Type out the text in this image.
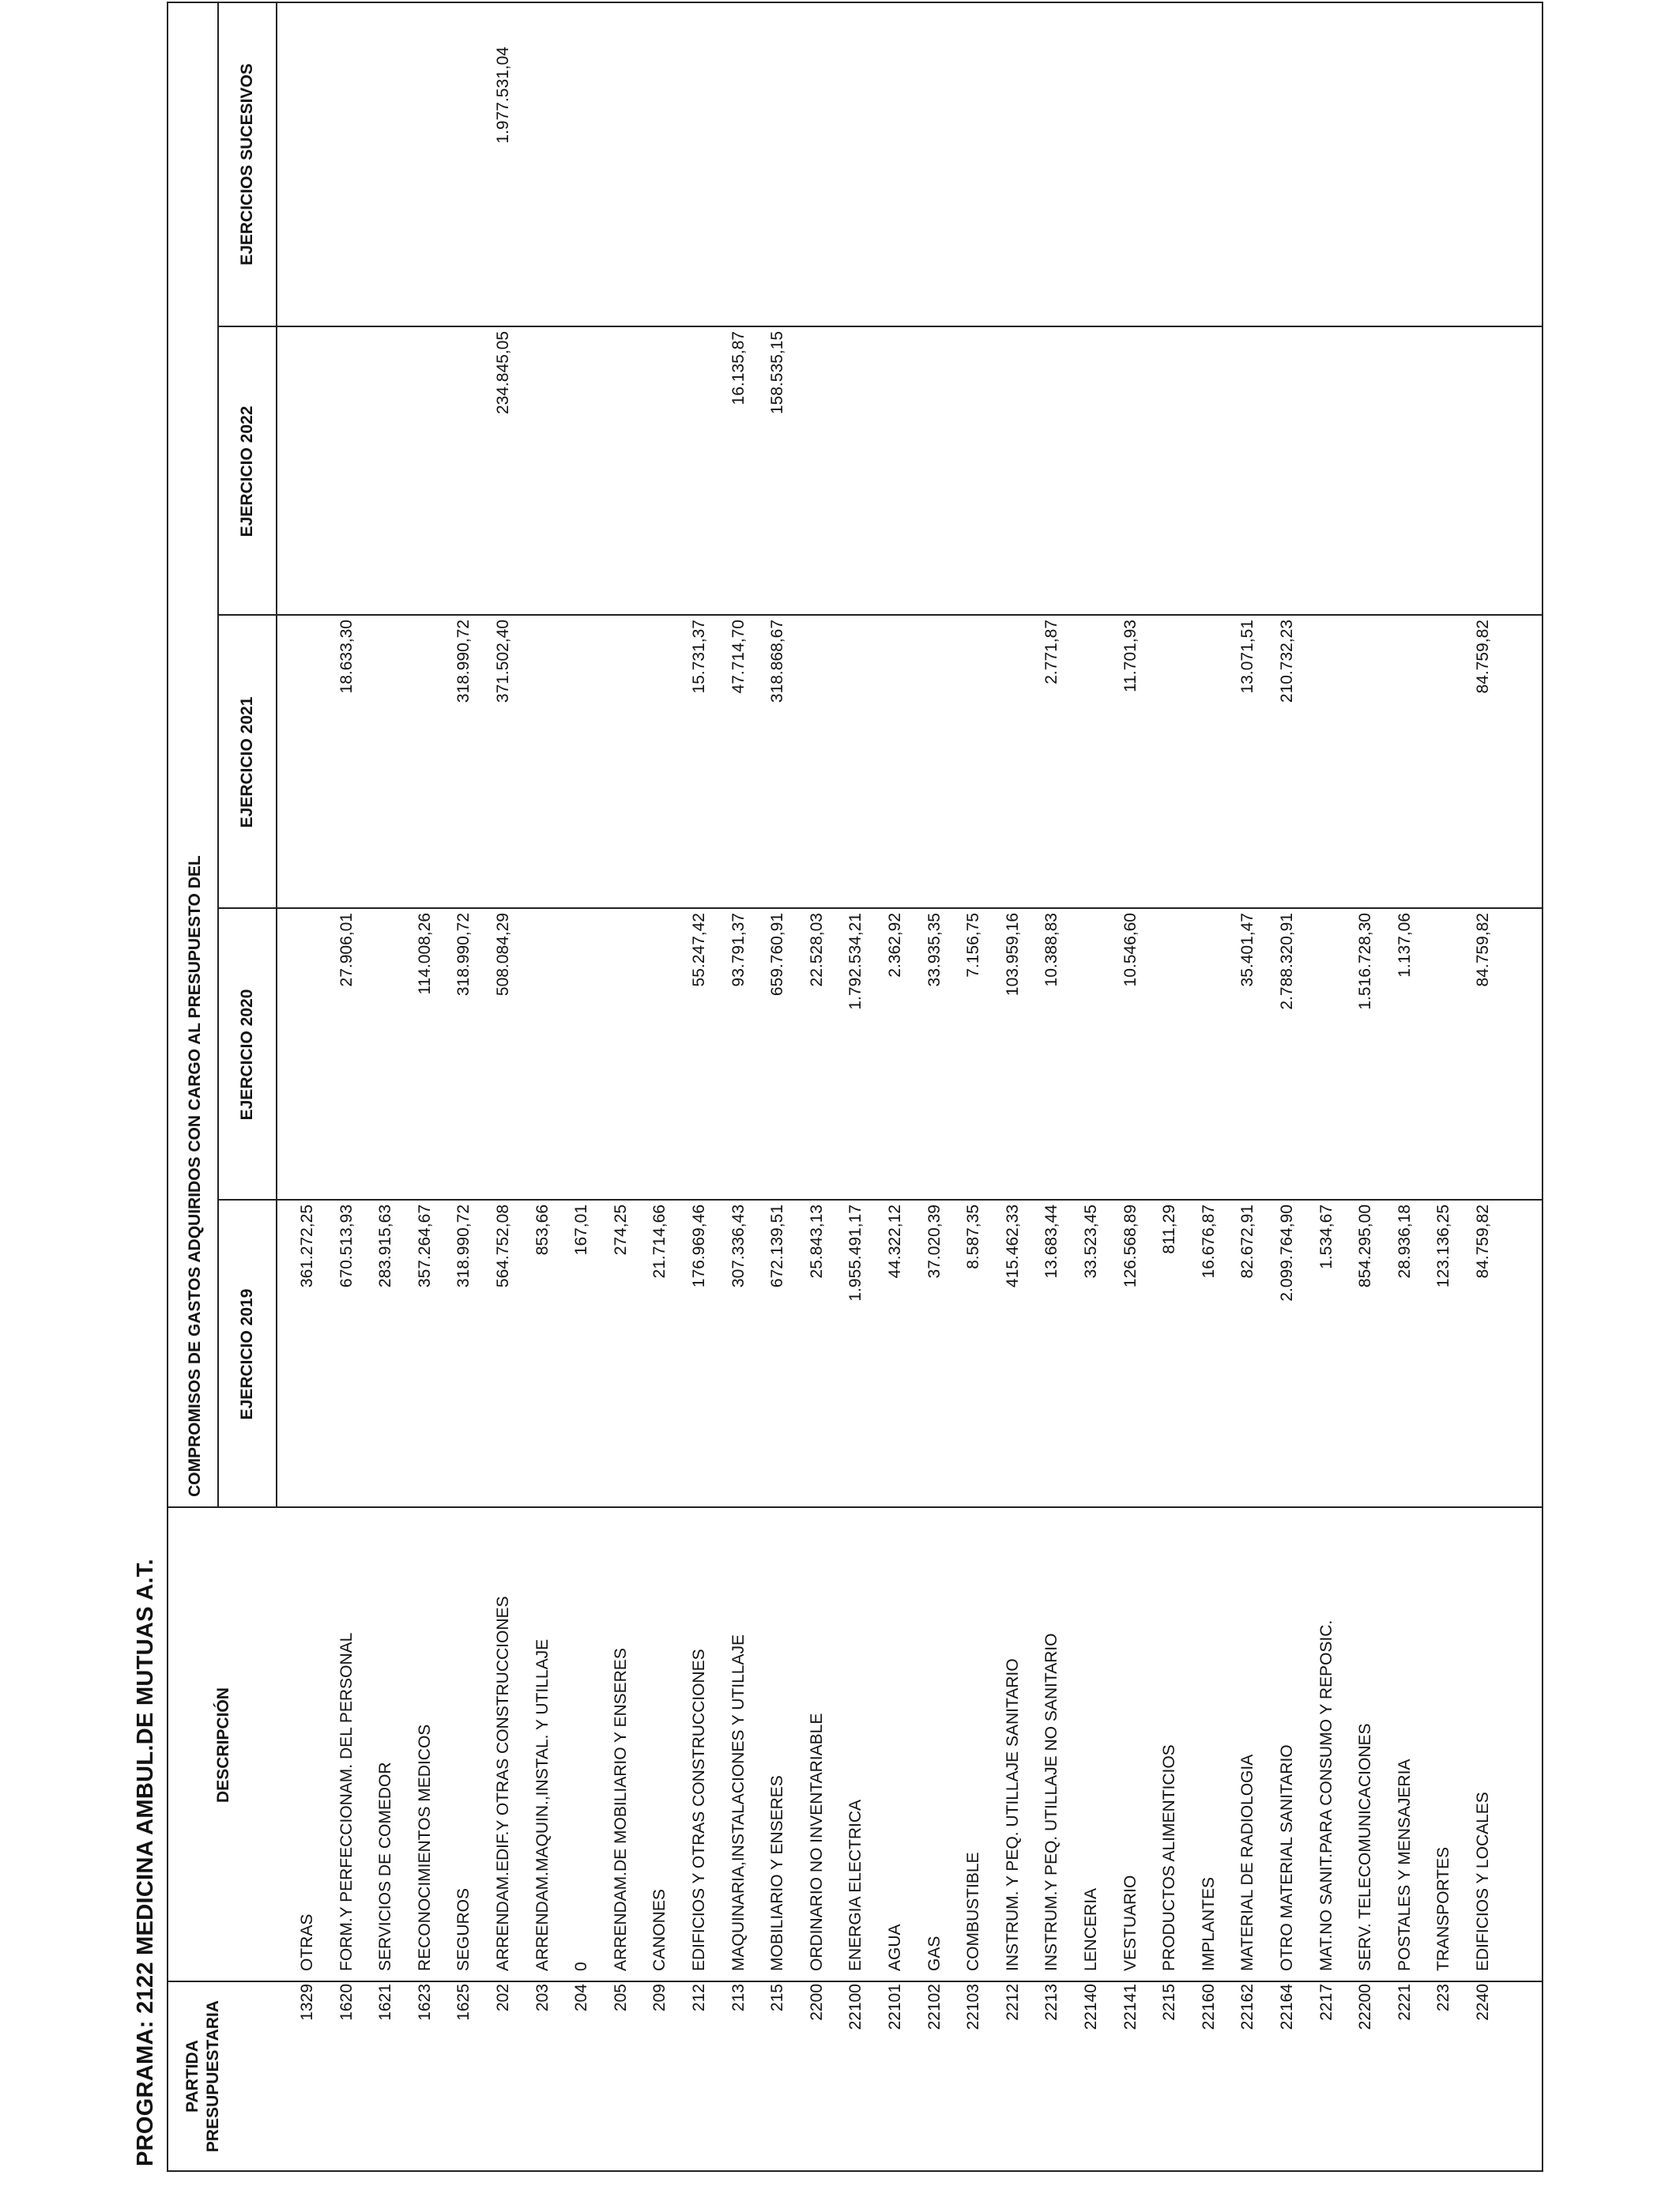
PROGRAMA: 2122 MEDICINA AMBUL.DE MUTUAS A.T. PARTIDA PRESUPUESTARIA
DESCRIPCIÓN
COMPROMISOS DE GASTOS ADQUIRIDOS CON CARGO AL PRESUPUESTO DEL EJERCICIO 2019
EJERCICIO 2020
EJERCICIO 2021
EJERCICIO 2022
EJERCICIOS SUCESIVOS
1329
OTRAS
361.272,25
1620
FORM.Y PERFECCIONAM. DEL PERSONAL
670.513,93
27.906,01
18.633,30
1621
SERVICIOS DE COMEDOR
283.915,63
1623
RECONOCIMIENTOS MEDICOS
357.264,67
114.008,26
1625
SEGUROS
318.990,72
318.990,72
318.990,72
202
ARRENDAM.EDIF.Y OTRAS CONSTRUCCIONES
564.752,08
508.084,29
371.502,40
234.845,05
1.977.531,04
203
ARRENDAM.MAQUIN.,INSTAL. Y UTILLAJE
853,66
204
0
167,01
205
ARRENDAM.DE MOBILIARIO Y ENSERES
274,25
209
CANONES
21.714,66
212
EDIFICIOS Y OTRAS CONSTRUCCIONES
176.969,46
55.247,42
15.731,37
213
MAQUINARIA,INSTALACIONES Y UTILLAJE
307.336,43
93.791,37
47.714,70
16.135,87
215
MOBILIARIO Y ENSERES
672.139,51
659.760,91
318.868,67
158.535,15
2200
ORDINARIO NO INVENTARIABLE
25.843,13
22.528,03
22100
ENERGIA ELECTRICA
1.955.491,17
1.792.534,21
22101
AGUA
44.322,12
2.362,92
22102
GAS
37.020,39
33.935,35
22103
COMBUSTIBLE
8.587,35
7.156,75
2212
INSTRUM. Y PEQ. UTILLAJE SANITARIO
415.462,33
103.959,16
2213
INSTRUM.Y PEQ. UTILLAJE NO SANITARIO
13.683,44
10.388,83
2.771,87
22140
LENCERIA
33.523,45
22141
VESTUARIO
126.568,89
10.546,60
11.701,93
2215
PRODUCTOS ALIMENTICIOS
811,29
22160
IMPLANTES
16.676,87
22162
MATERIAL DE RADIOLOGIA
82.672,91
35.401,47
13.071,51
22164
OTRO MATERIAL SANITARIO
2.099.764,90
2.788.320,91
210.732,23
2217
MAT.NO SANIT.PARA CONSUMO Y REPOSIC.
1.534,67
22200
SERV. TELECOMUNICACIONES
854.295,00
1.516.728,30
2221
POSTALES Y MENSAJERIA
28.936,18
1.137,06
223
TRANSPORTES
123.136,25
2240
EDIFICIOS Y LOCALES
84.759,82
84.759,82
84.759,82
